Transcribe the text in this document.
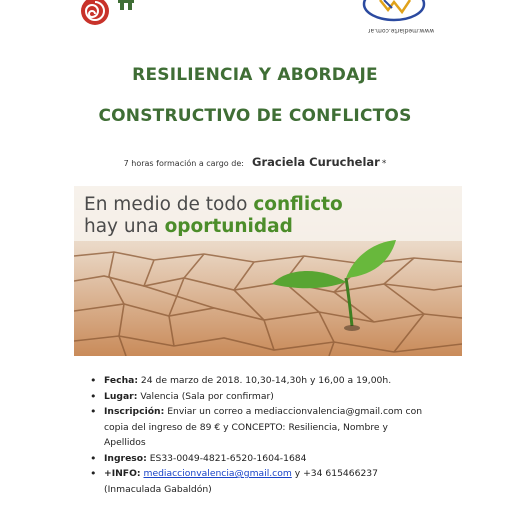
www.mediarte.com.ar
RESILIENCIA Y ABORDAJE
CONSTRUCTIVO DE CONFLICTOS
7 horas formación a cargo de: Graciela Curuchelar *
En medio de todo conflicto
hay una oportunidad
• Fecha: 24 de marzo de 2018. 10,30-14,30h y 16,00 a 19,00h.
• Lugar: Valencia (Sala por confirmar)
• Inscripción: Enviar un correo a mediaccionvalencia@gmail.com con copia del ingreso de 89 € y CONCEPTO: Resiliencia, Nombre y Apellidos
• Ingreso: ES33-0049-4821-6520-1604-1684
• +INFO: mediaccionvalencia@gmail.com y +34 615466237 (Inmaculada Gabaldón)
